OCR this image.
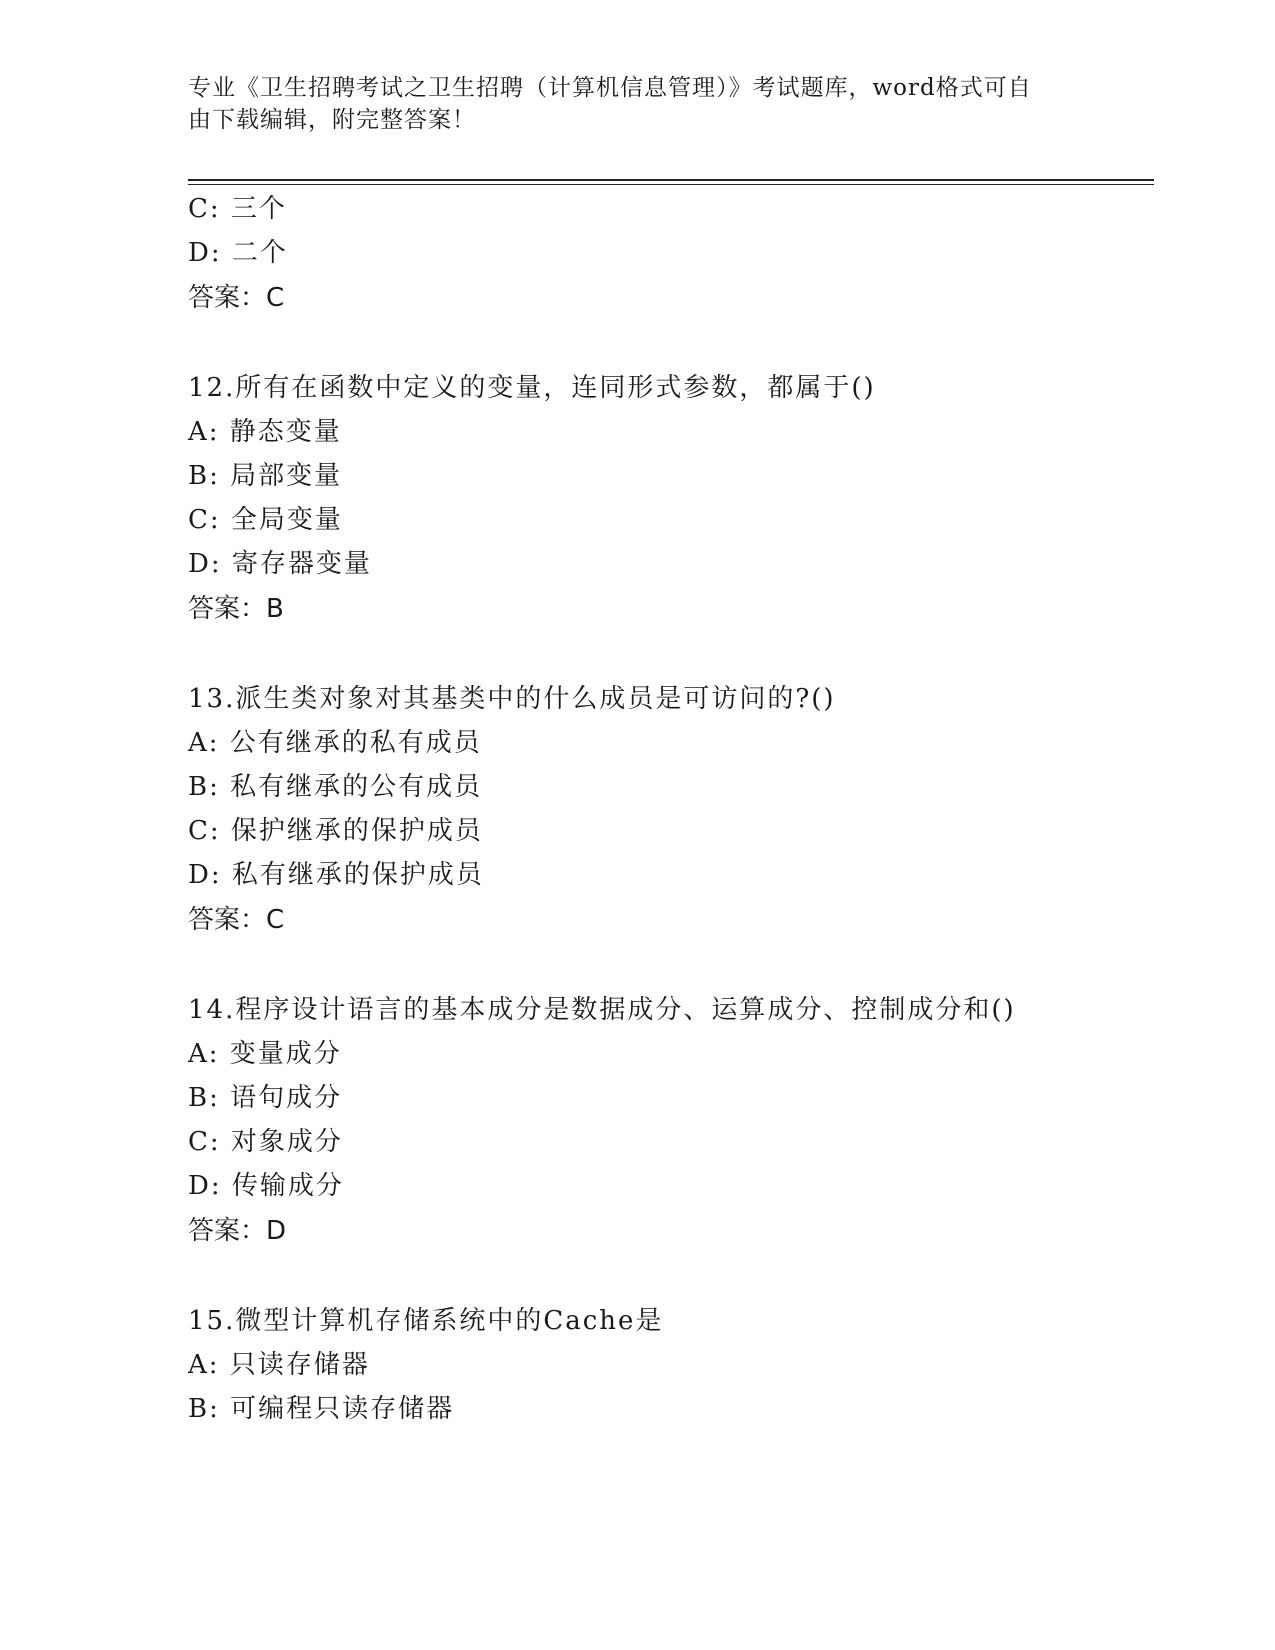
专业《卫生招聘考试之卫生招聘（计算机信息管理）》考试题库，word格式可自
由下载编辑，附完整答案！
C: 三个
D: 二个
答案：C
12.所有在函数中定义的变量，连同形式参数，都属于()
A: 静态变量
B: 局部变量
C: 全局变量
D: 寄存器变量
答案：B
13.派生类对象对其基类中的什么成员是可访问的?()
A: 公有继承的私有成员
B: 私有继承的公有成员
C: 保护继承的保护成员
D: 私有继承的保护成员
答案：C
14.程序设计语言的基本成分是数据成分、运算成分、控制成分和()
A: 变量成分
B: 语句成分
C: 对象成分
D: 传输成分
答案：D
15.微型计算机存储系统中的Cache是
A: 只读存储器
B: 可编程只读存储器
